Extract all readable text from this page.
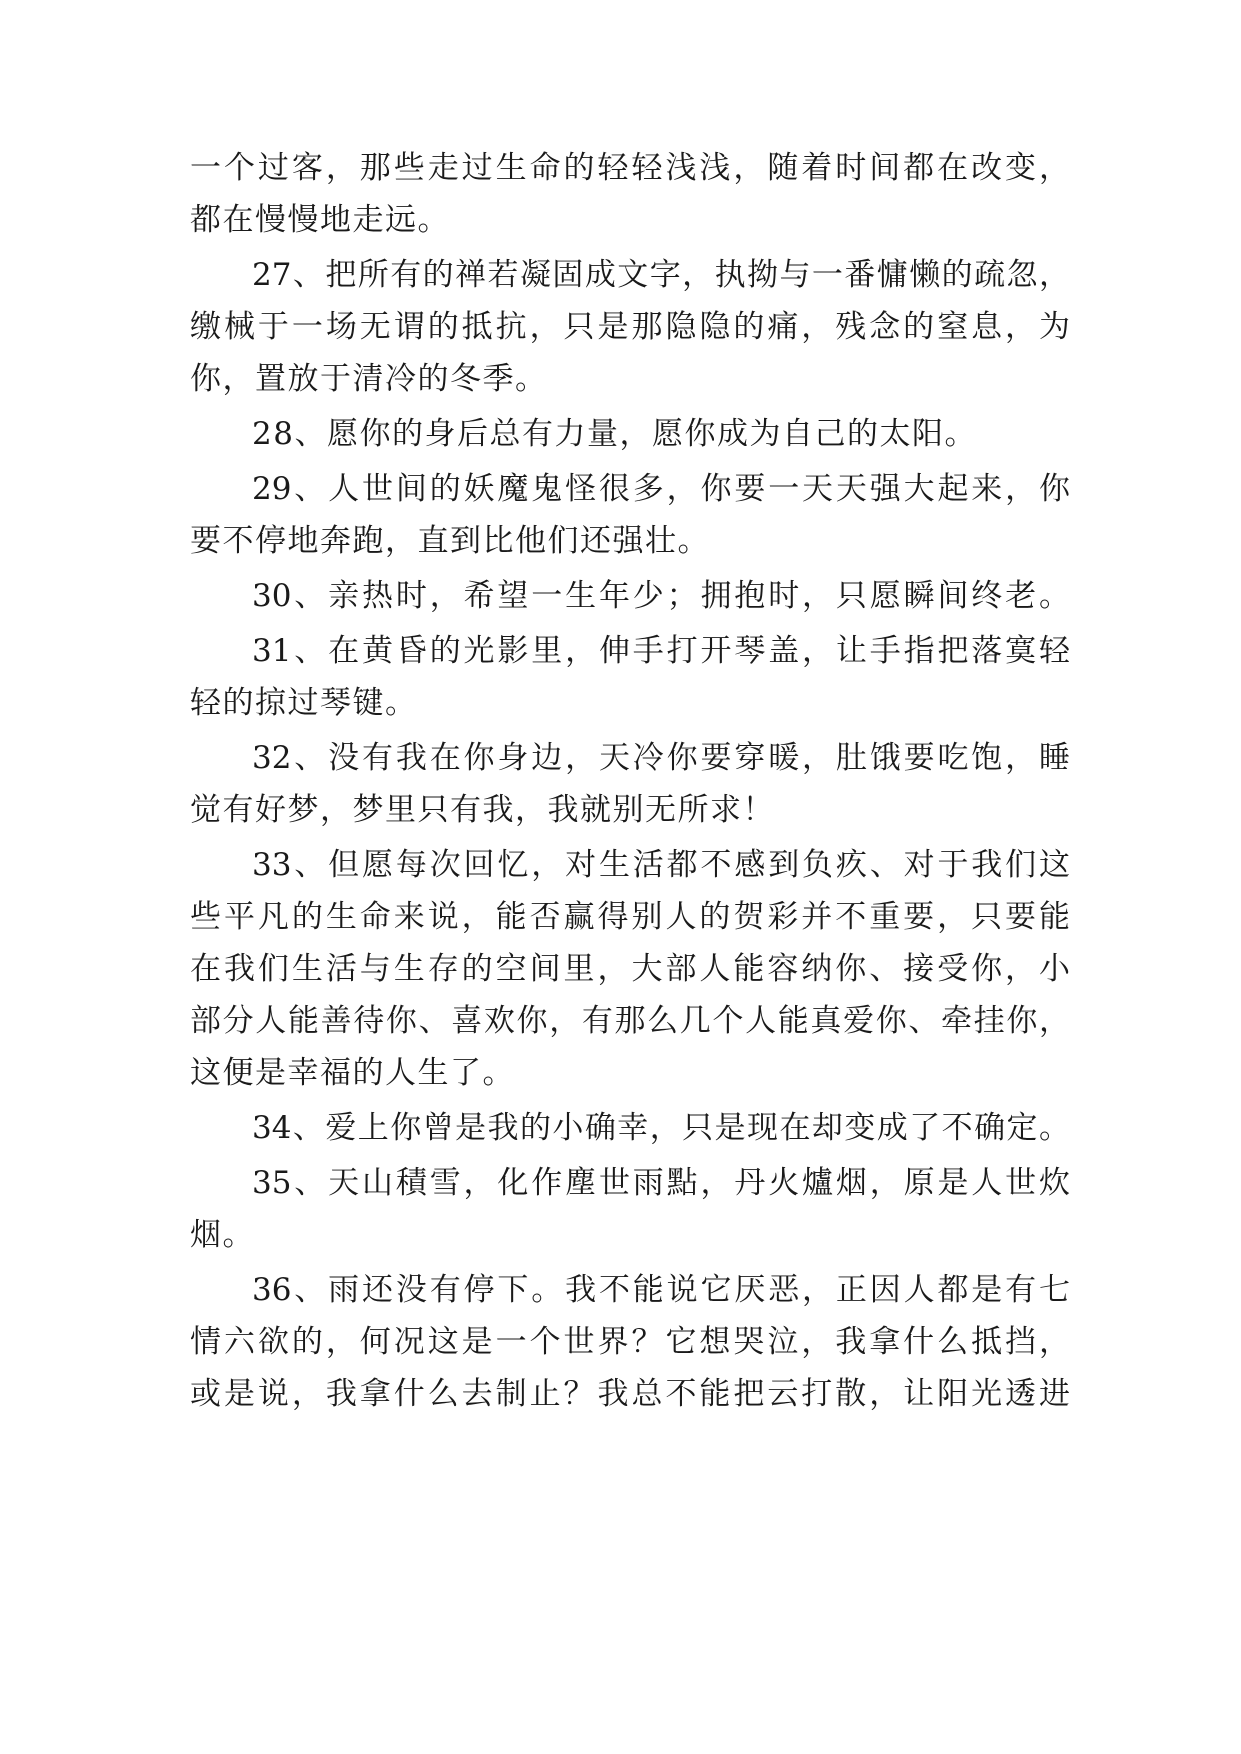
一个过客，那些走过生命的轻轻浅浅，随着时间都在改变，

都在慢慢地走远。

27、把所有的禅若凝固成文字，执拗与一番慵懒的疏忽，

缴械于一场无谓的抵抗，只是那隐隐的痛，残念的窒息，为

你，置放于清冷的冬季。

28、愿你的身后总有力量，愿你成为自己的太阳。

29、人世间的妖魔鬼怪很多，你要一天天强大起来，你

要不停地奔跑，直到比他们还强壮。

30、亲热时，希望一生年少；拥抱时，只愿瞬间终老。

31、在黄昏的光影里，伸手打开琴盖，让手指把落寞轻

轻的掠过琴键。

32、没有我在你身边，天冷你要穿暖，肚饿要吃饱，睡

觉有好梦，梦里只有我，我就别无所求！

33、但愿每次回忆，对生活都不感到负疚、对于我们这

些平凡的生命来说，能否赢得别人的贺彩并不重要，只要能

在我们生活与生存的空间里，大部人能容纳你、接受你，小

部分人能善待你、喜欢你，有那么几个人能真爱你、牵挂你，

这便是幸福的人生了。

34、爱上你曾是我的小确幸，只是现在却变成了不确定。

35、天山積雪，化作塵世雨點，丹火爐烟，原是人世炊

烟。

36、雨还没有停下。我不能说它厌恶，正因人都是有七

情六欲的，何况这是一个世界？它想哭泣，我拿什么抵挡，

或是说，我拿什么去制止？我总不能把云打散，让阳光透进
